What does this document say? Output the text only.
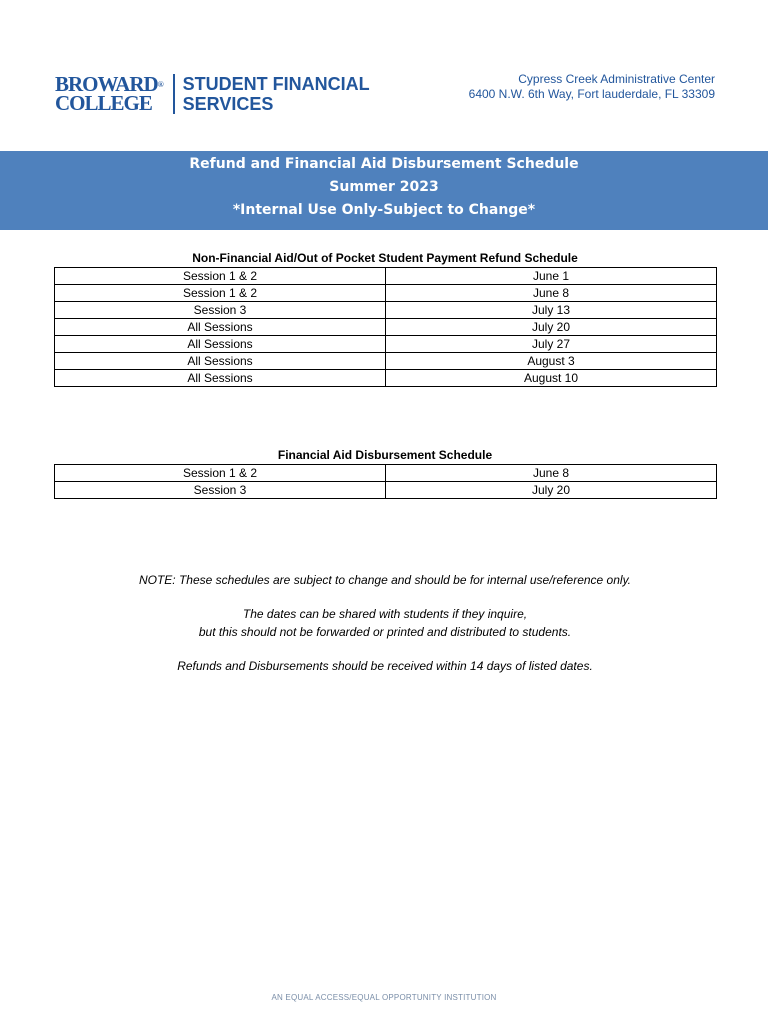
BROWARD®
COLLEGE
STUDENT FINANCIAL
SERVICES
Cypress Creek Administrative Center
6400 N.W. 6th Way, Fort lauderdale, FL 33309
Refund and Financial Aid Disbursement Schedule
Summer 2023
*Internal Use Only-Subject to Change*
Non-Financial Aid/Out of Pocket Student Payment Refund Schedule
Session 1 & 2	June 1
Session 1 & 2	June 8
Session 3	July 13
All Sessions	July 20
All Sessions	July 27
All Sessions	August 3
All Sessions	August 10
Financial Aid Disbursement Schedule
Session 1 & 2	June 8
Session 3	July 20

NOTE: These schedules are subject to change and should be for internal use/reference only.

The dates can be shared with students if they inquire,
but this should not be forwarded or printed and distributed to students.

Refunds and Disbursements should be received within 14 days of listed dates.

AN EQUAL ACCESS/EQUAL OPPORTUNITY INSTITUTION
